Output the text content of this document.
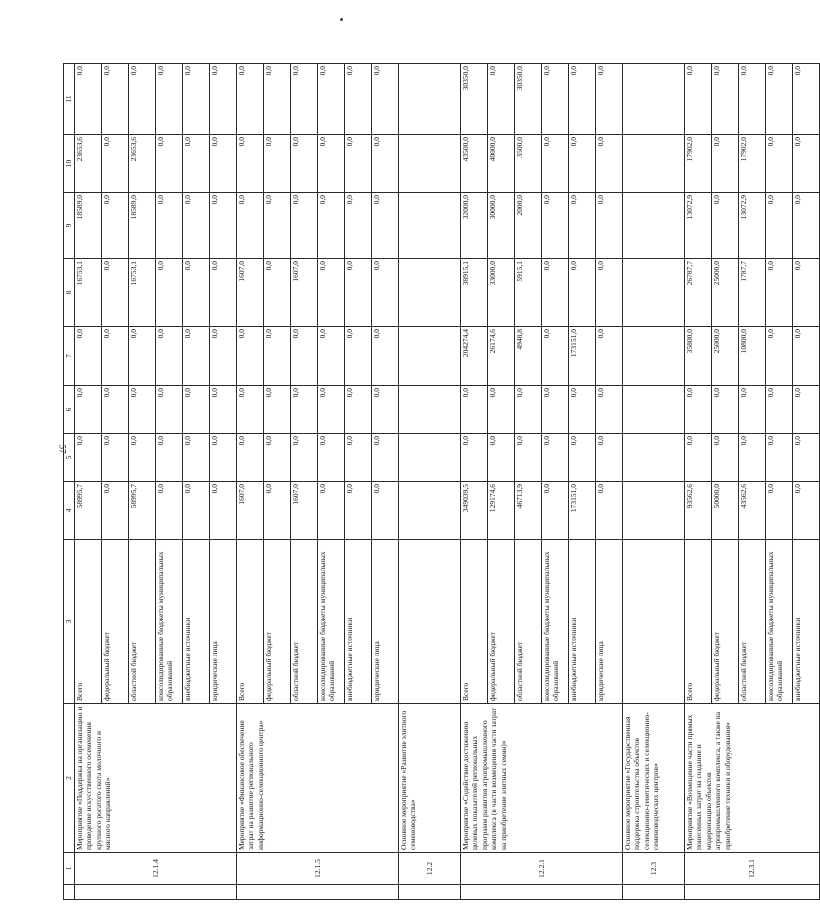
57
	1	2	3	4	5	6	7	8	9	10	11
	12.1.4	Мероприятие «Поддержка на организацию и проведение искусственного осеменения крупного рогатого скота молочного и мясного направлений»	Всего	58995,7	0,0	0,0	0,0	16753,1	18589,0	23653,6	0,0
			федеральный бюджет	0,0	0,0	0,0	0,0	0,0	0,0	0,0	0,0
			областной бюджет	58995,7	0,0	0,0	0,0	16753,1	18589,0	23653,6	0,0
			консолидированные бюджеты муниципальных образований	0,0	0,0	0,0	0,0	0,0	0,0	0,0	0,0
			внебюджетные источники	0,0	0,0	0,0	0,0	0,0	0,0	0,0	0,0
			юридические лица	0,0	0,0	0,0	0,0	0,0	0,0	0,0	0,0
	12.1.5	Мероприятие «Финансовое обеспечение затрат на развитие регионального информационно-селекционного центра»	Всего	1607,0	0,0	0,0	0,0	1607,0	0,0	0,0	0,0
			федеральный бюджет	0,0	0,0	0,0	0,0	0,0	0,0	0,0	0,0
			областной бюджет	1607,0	0,0	0,0	0,0	1607,0	0,0	0,0	0,0
			консолидированные бюджеты муниципальных образований	0,0	0,0	0,0	0,0	0,0	0,0	0,0	0,0
			внебюджетные источники	0,0	0,0	0,0	0,0	0,0	0,0	0,0	0,0
			юридические лица	0,0	0,0	0,0	0,0	0,0	0,0	0,0	0,0
	12.2	Основное мероприятие «Развитие элитного семеноводства»									
	12.2.1	Мероприятие «Содействие достижению целевых показателей региональных программ развития агропромышленного комплекса (в части возмещения части затрат на приобретение элитных семян)»	Всего	349039,5	0,0	0,0	204274,4	38915,1	32000,0	43500,0	30350,0
			федеральный бюджет	129174,6	0,0	0,0	26174,6	33000,0	30000,0	40000,0	0,0
			областной бюджет	46713,9	0,0	0,0	4948,8	5915,1	2000,0	3500,0	30350,0
			консолидированные бюджеты муниципальных образований	0,0	0,0	0,0	0,0	0,0	0,0	0,0	0,0
			внебюджетные источники	173151,0	0,0	0,0	173151,0	0,0	0,0	0,0	0,0
			юридические лица	0,0	0,0	0,0	0,0	0,0	0,0	0,0	0,0
	12.3	Основное мероприятие «Государственная поддержка строительства объектов селекционно-генетических и селекционно-семеноводческих центров»									
	12.3.1	Мероприятие «Возмещение части прямых понесенных затрат на создание и модернизацию объектов агропромышленного комплекса, а также на приобретение техники и оборудования»	Всего	93562,6	0,0	0,0	35800,0	26787,7	13072,9	17902,0	0,0
			федеральный бюджет	50000,0	0,0	0,0	25000,0	25000,0	0,0	0,0	0,0
			областной бюджет	43562,6	0,0	0,0	10800,0	1787,7	13072,9	17902,0	0,0
			консолидированные бюджеты муниципальных образований	0,0	0,0	0,0	0,0	0,0	0,0	0,0	0,0
			внебюджетные источники	0,0	0,0	0,0	0,0	0,0	0,0	0,0	0,0
